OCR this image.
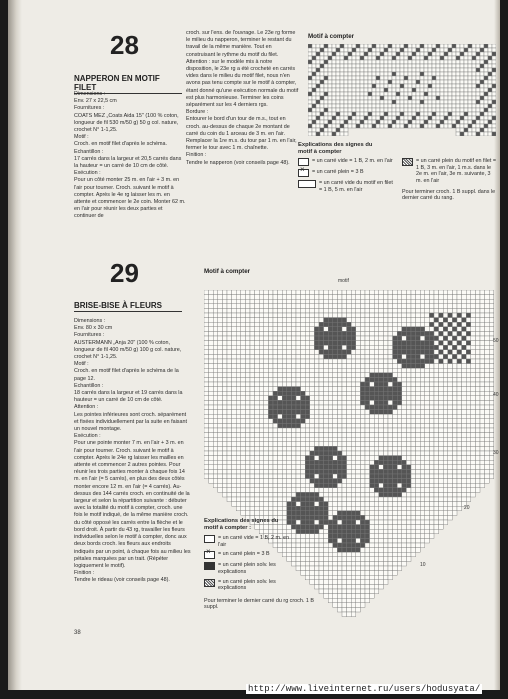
28
NAPPERON EN MOTIF FILET
Dimensions :
Env. 27 x 22,5 cm
Fournitures :
COATS MEZ „Coats Aida 15" (100 % coton, longueur de fil 530 m/50 g) 50 g col. nature, crochet N° 1-1,25.
Motif :
Croch. en motif filet d'après le schéma.
Echantillon :
17 carrés dans la largeur et 20,5 carrés dans la hauteur = un carré de 10 cm de côté.
Exécution :
Pour un côté monter 25 m. en l'air + 3 m. en l'air pour tourner. Croch. suivant le motif à compter. Après le 4e rg laisser les m. en attente et commencer le 2e coin. Monter 62 m. en l'air pour réunir les deux parties et continuer de
croch. sur l'ens. de l'ouvrage. Le 23e rg forme le milieu du napperon, terminer le restant du travail de la même manière. Tout en construisant le rythme du motif du filet. Attention : sur le modèle mis à notre disposition, le 23e rg a été crocheté en carrés vides dans le milieu du motif filet, nous n'en avons pas tenu compte sur le motif à compter, étant donné qu'une exécution normale du motif est plus harmonieuse. Terminer les coins séparément sur les 4 derniers rgs.
Bordure :
Entourer le bord d'un tour de m.s., tout en croch. au-dessus de chaque 2e montant de carré du coin du 1 arceau de 3 m. en l'air. Remplacer la 1re m.s. du tour par 1 m. en l'air, fermer le tour avec 1 m. chaînette.
Finition :
Tendre le napperon (voir conseils page 48).
Motif à compter
Explications des signes du motif à compter
= un carré vide = 1 B, 2 m. en l'air
×
= un carré plein = 3 B
= un carré vide du motif en filet = 1 B, 5 m. en l'air
= un carré plein du motif en filet = 1 B, 3 m. en l'air, 1 m.s. dans le 2e m. en l'air, 3e m. suivante, 3 m. en l'air
Pour terminer croch. 1 B suppl. dans le dernier carré du rang.
29
BRISE-BISE À FLEURS
Dimensions :
Env. 80 x 30 cm
Fournitures :
AUSTERMANN „Anja 20" (100 % coton, longueur de fil 400 m/50 g) 100 g col. nature, crochet N° 1-1,25.
Motif :
Croch. en motif filet d'après le schéma de la page 12.
Echantillon :
18 carrés dans la largeur et 19 carrés dans la hauteur = un carré de 10 cm de côté.
Attention :
Les pointes inférieures sont croch. séparément et fixées individuellement par la suite en faisant un nouvel montage.
Exécution :
Pour une pointe monter 7 m. en l'air + 3 m. en l'air pour tourner. Croch. suivant le motif à compter. Après le 24e rg laisser les mailles en attente et commencer 2 autres pointes. Pour réunir les trois parties monter à chaque fois 14 m. en l'air (= 5 carrés), en plus des deux côtés monter encore 12 m. en l'air (= 4 carrés). Au-dessus des 144 carrés croch. en continuité de la largeur et selon la répartition suivante : débuter avec la totalité du motif à compter, croch. une fois le motif indiqué, de la même manière croch. du côté opposé les carrés entre la flèche et le bord droit. À partir du 43 rg, travailler les fleurs individuelles selon le motif à compter, donc aux deux bords croch. les fleurs aux endroits indiqués par un point, à chaque fois au milieu les pétales marquées par un trait. (Répéter logiquement le motif).
Finition :
Tendre le rideau (voir conseils page 48).
Motif à compter
motif
50
40
30
20
10
Explications des signes du motif à compter :
= un carré vide = 1 B, 2 m. en l'air
×
= un carré plein = 3 B
= un carré plein solv. les explications
= un carré plein solv. les explications
Pour terminer le dernier carré du rg croch. 1 B suppl.
38
http://www.liveinternet.ru/users/hodusyata/
